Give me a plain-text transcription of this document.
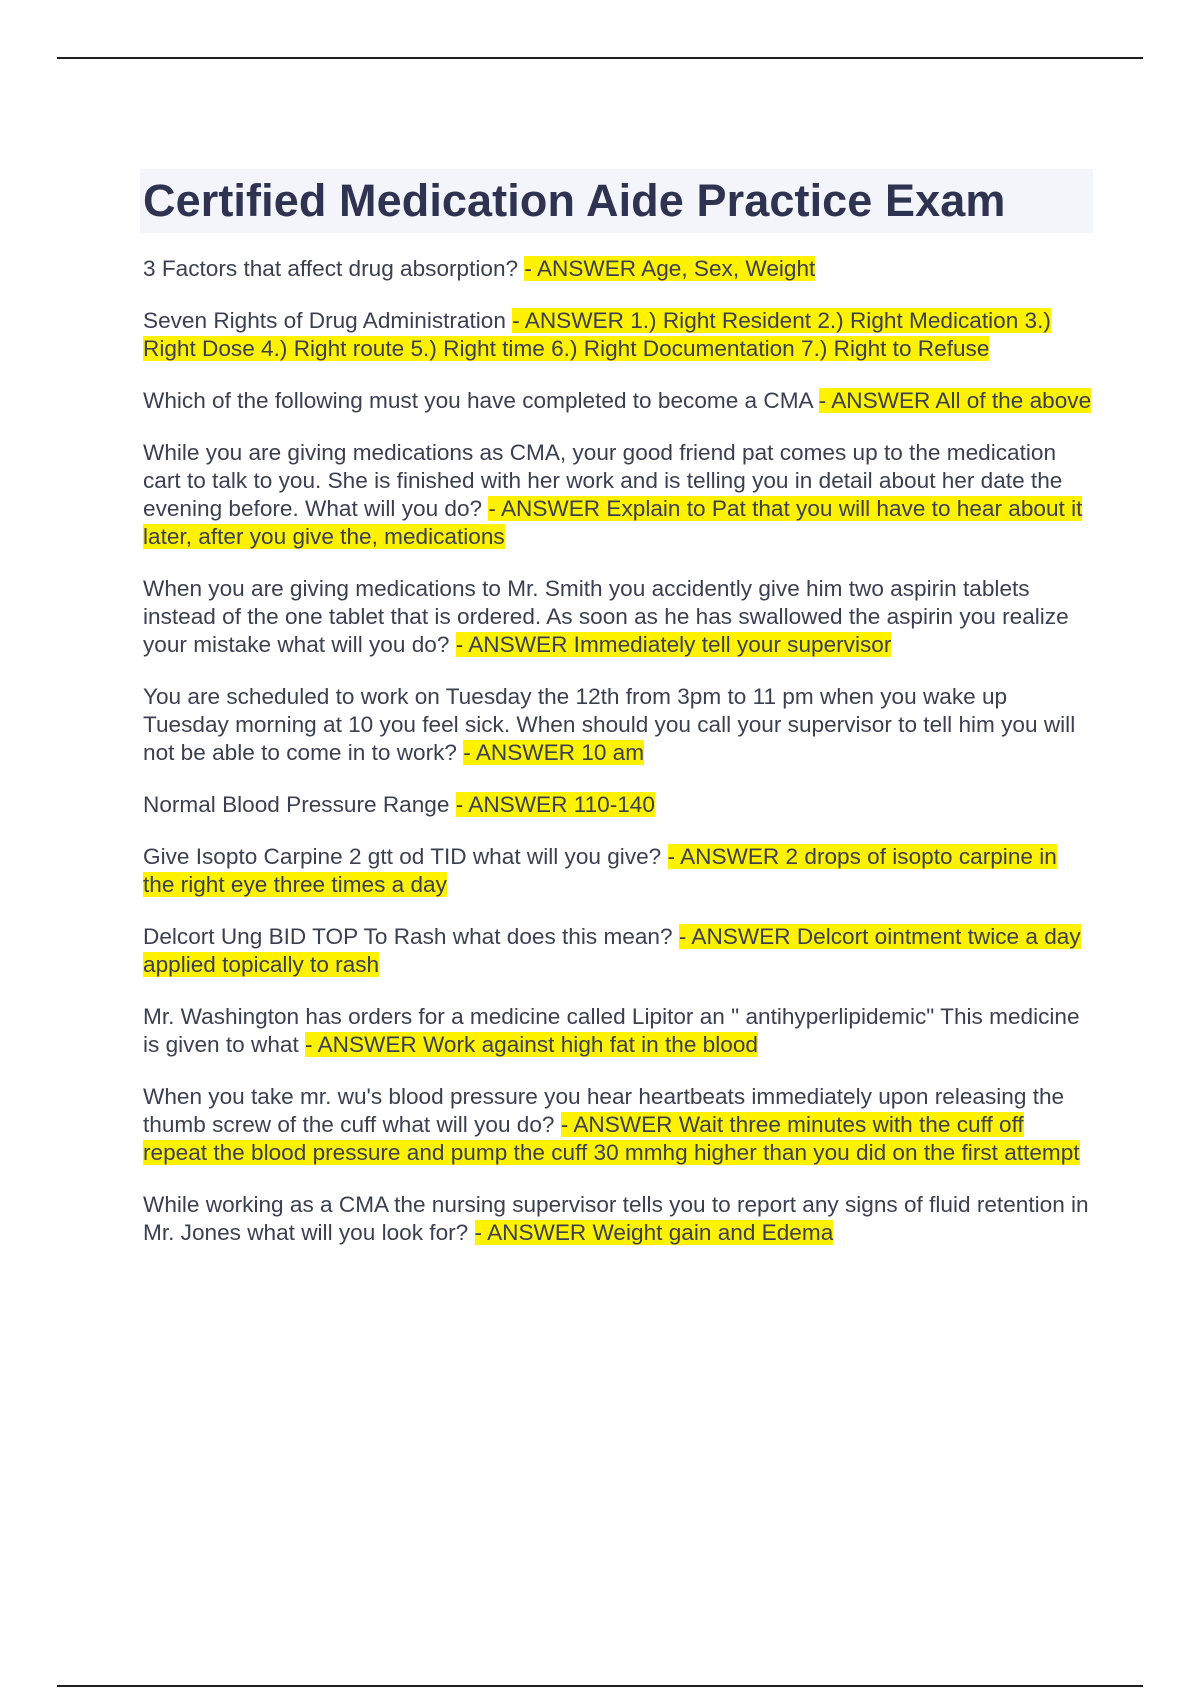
Certified Medication Aide Practice Exam

3 Factors that affect drug absorption? - ANSWER Age, Sex, Weight

Seven Rights of Drug Administration - ANSWER 1.) Right Resident 2.) Right Medication 3.) Right Dose 4.) Right route 5.) Right time 6.) Right Documentation 7.) Right to Refuse

Which of the following must you have completed to become a CMA - ANSWER All of the above

While you are giving medications as CMA, your good friend pat comes up to the medication cart to talk to you. She is finished with her work and is telling you in detail about her date the evening before. What will you do? - ANSWER Explain to Pat that you will have to hear about it later, after you give the, medications

When you are giving medications to Mr. Smith you accidently give him two aspirin tablets instead of the one tablet that is ordered. As soon as he has swallowed the aspirin you realize your mistake what will you do? - ANSWER Immediately tell your supervisor

You are scheduled to work on Tuesday the 12th from 3pm to 11 pm when you wake up Tuesday morning at 10 you feel sick. When should you call your supervisor to tell him you will not be able to come in to work? - ANSWER 10 am

Normal Blood Pressure Range - ANSWER 110-140

Give Isopto Carpine 2 gtt od TID what will you give? - ANSWER 2 drops of isopto carpine in the right eye three times a day

Delcort Ung BID TOP To Rash what does this mean? - ANSWER Delcort ointment twice a day applied topically to rash

Mr. Washington has orders for a medicine called Lipitor an " antihyperlipidemic" This medicine is given to what - ANSWER Work against high fat in the blood

When you take mr. wu's blood pressure you hear heartbeats immediately upon releasing the thumb screw of the cuff what will you do? - ANSWER Wait three minutes with the cuff off repeat the blood pressure and pump the cuff 30 mmhg higher than you did on the first attempt

While working as a CMA the nursing supervisor tells you to report any signs of fluid retention in Mr. Jones what will you look for? - ANSWER Weight gain and Edema
